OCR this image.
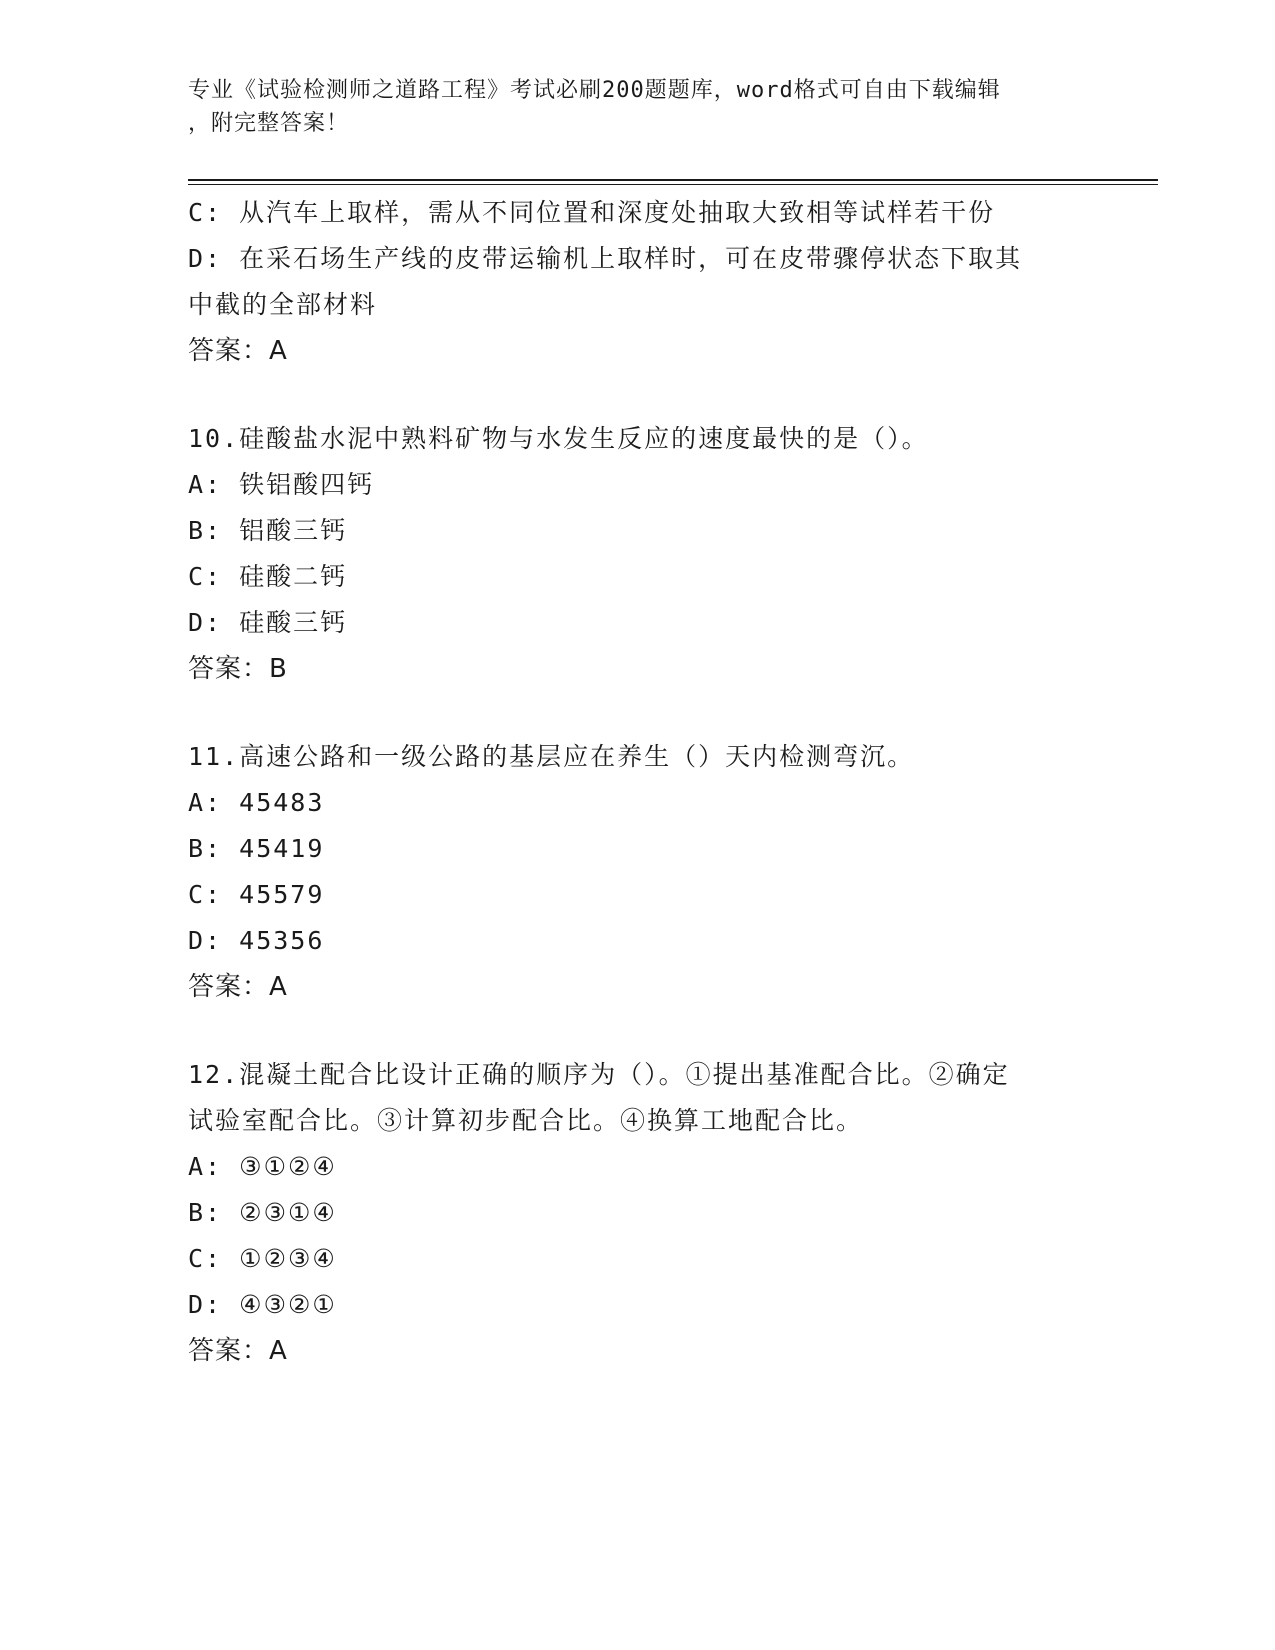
专业《试验检测师之道路工程》考试必刷200题题库，word格式可自由下载编辑
，附完整答案！
C: 从汽车上取样，需从不同位置和深度处抽取大致相等试样若干份
D: 在采石场生产线的皮带运输机上取样时，可在皮带骤停状态下取其
中截的全部材料
答案：A
10.硅酸盐水泥中熟料矿物与水发生反应的速度最快的是（）。
A: 铁铝酸四钙
B: 铝酸三钙
C: 硅酸二钙
D: 硅酸三钙
答案：B
11.高速公路和一级公路的基层应在养生（）天内检测弯沉。
A: 45483
B: 45419
C: 45579
D: 45356
答案：A
12.混凝土配合比设计正确的顺序为（）。①提出基准配合比。②确定
试验室配合比。③计算初步配合比。④换算工地配合比。
A: ③①②④
B: ②③①④
C: ①②③④
D: ④③②①
答案：A
